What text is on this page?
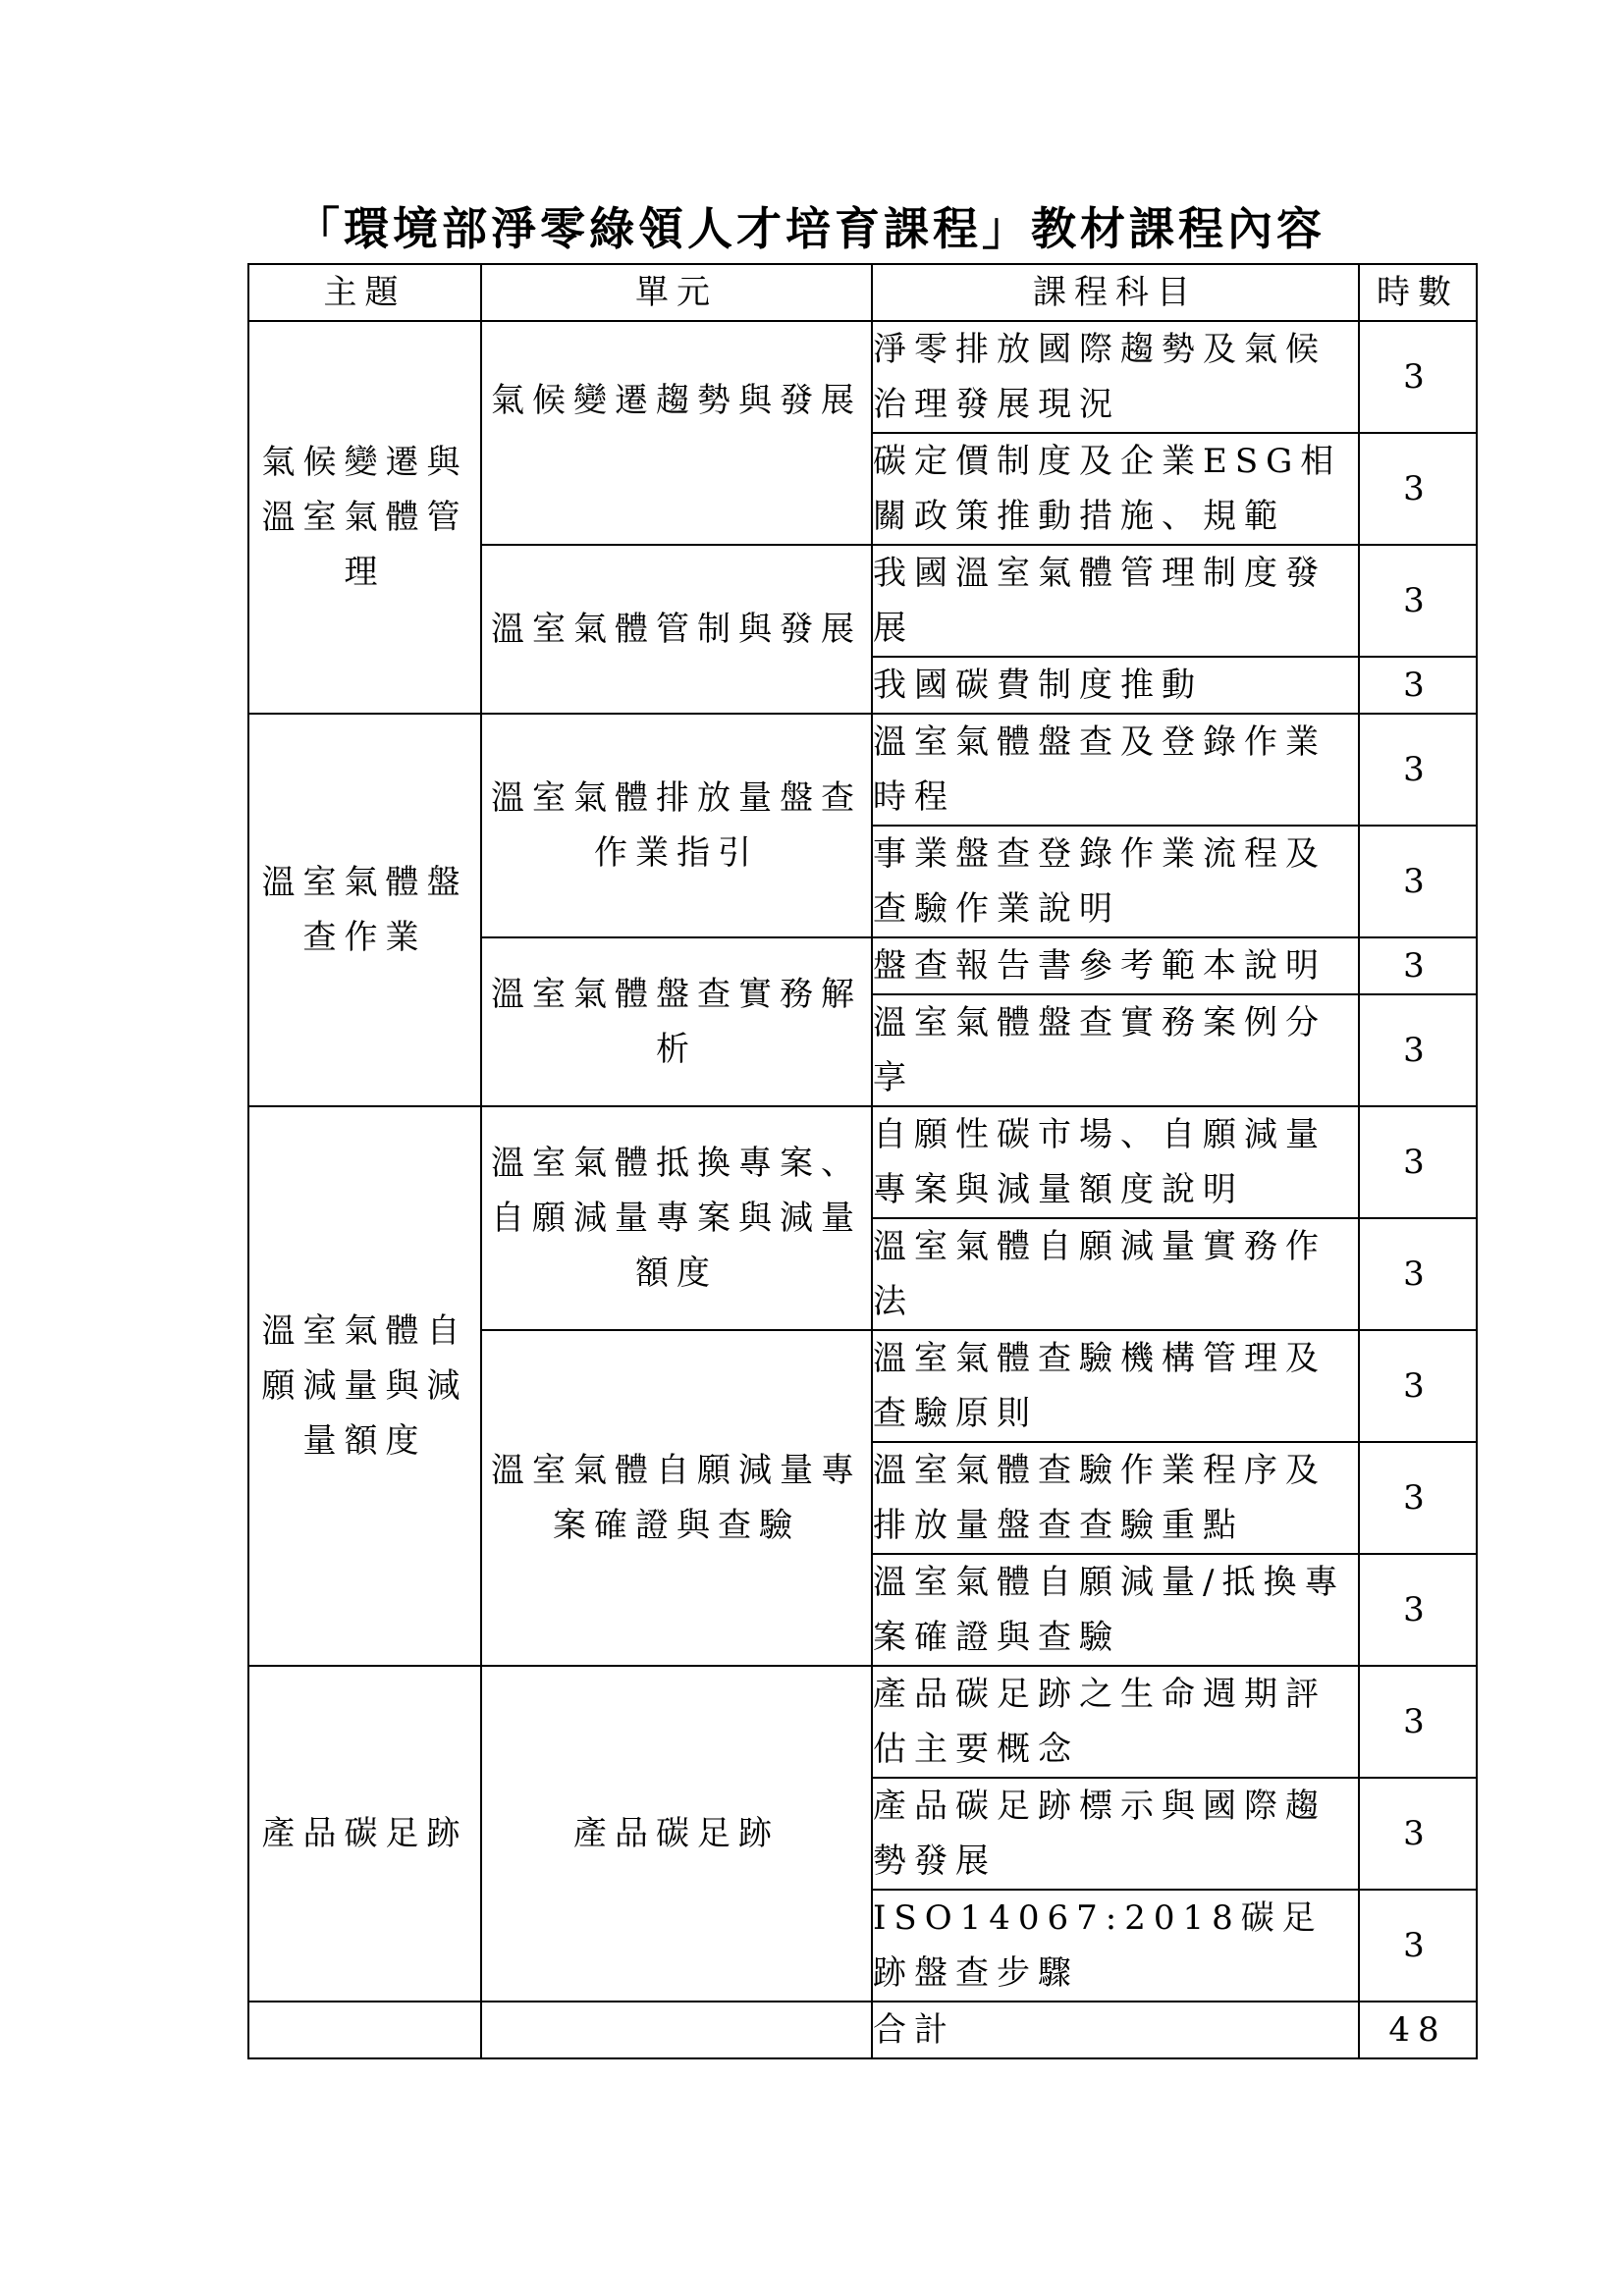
「環境部淨零綠領人才培育課程」教材課程內容
主題	單元	課程科目	時數
氣候變遷與溫室氣體管理	氣候變遷趨勢與發展	淨零排放國際趨勢及氣候治理發展現況	3
		碳定價制度及企業ESG相關政策推動措施、規範	3
	溫室氣體管制與發展	我國溫室氣體管理制度發展	3
		我國碳費制度推動	3
溫室氣體盤查作業	溫室氣體排放量盤查作業指引	溫室氣體盤查及登錄作業時程	3
		事業盤查登錄作業流程及查驗作業說明	3
	溫室氣體盤查實務解析	盤查報告書參考範本說明	3
		溫室氣體盤查實務案例分享	3
溫室氣體自願減量與減量額度	溫室氣體抵換專案、自願減量專案與減量額度	自願性碳市場、自願減量專案與減量額度說明	3
		溫室氣體自願減量實務作法	3
	溫室氣體自願減量專案確證與查驗	溫室氣體查驗機構管理及查驗原則	3
		溫室氣體查驗作業程序及排放量盤查查驗重點	3
		溫室氣體自願減量/抵換專案確證與查驗	3
產品碳足跡	產品碳足跡	產品碳足跡之生命週期評估主要概念	3
		產品碳足跡標示與國際趨勢發展	3
		ISO14067:2018碳足跡盤查步驟	3
		合計	48
